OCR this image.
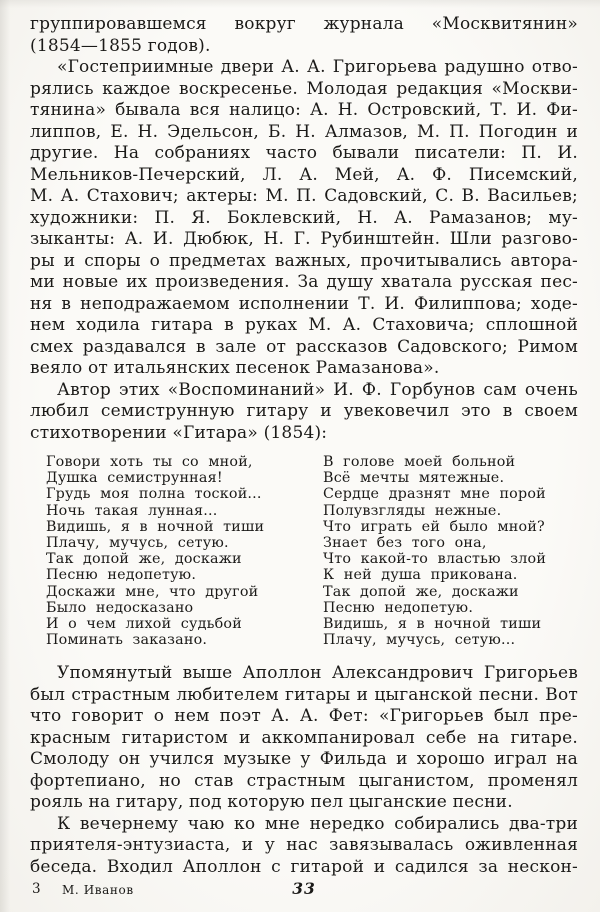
группировавшемся вокруг журнала «Москвитянин»
(1854—1855 годов).
«Гостеприимные двери А. А. Григорьева радушно отво-
рялись каждое воскресенье. Молодая редакция «Москви-
тянина» бывала вся налицо: А. Н. Островский, Т. И. Фи-
липпов, Е. Н. Эдельсон, Б. Н. Алмазов, М. П. Погодин и
другие. На собраниях часто бывали писатели: П. И.
Мельников-Печерский, Л. А. Мей, А. Ф. Писемский,
М. А. Стахович; актеры: М. П. Садовский, С. В. Васильев;
художники: П. Я. Боклевский, Н. А. Рамазанов; му-
зыканты: А. И. Дюбюк, Н. Г. Рубинштейн. Шли разгово-
ры и споры о предметах важных, прочитывались автора-
ми новые их произведения. За душу хватала русская пес-
ня в неподражаемом исполнении Т. И. Филиппова; ходе-
нем ходила гитара в руках М. А. Стаховича; сплошной
смех раздавался в зале от рассказов Садовского; Римом
веяло от итальянских песенок Рамазанова».
Автор этих «Воспоминаний» И. Ф. Горбунов сам очень
любил семиструнную гитару и увековечил это в своем
стихотворении «Гитара» (1854):
Говори хоть ты со мной,
Душка семиструнная!
Грудь моя полна тоской...
Ночь такая лунная...
Видишь, я в ночной тиши
Плачу, мучусь, сетую.
Так допой же, доскажи
Песню недопетую.
Доскажи мне, что другой
Было недосказано
И о чем лихой судьбой
Поминать заказано.
В голове моей больной
Всё мечты мятежные.
Сердце дразнят мне порой
Полувзгляды нежные.
Что играть ей было мной?
Знает без того она,
Что какой-то властью злой
К ней душа прикована.
Так допой же, доскажи
Песню недопетую.
Видишь, я в ночной тиши
Плачу, мучусь, сетую...
Упомянутый выше Аполлон Александрович Григорьев
был страстным любителем гитары и цыганской песни. Вот
что говорит о нем поэт А. А. Фет: «Григорьев был пре-
красным гитаристом и аккомпанировал себе на гитаре.
Смолоду он учился музыке у Фильда и хорошо играл на
фортепиано, но став страстным цыганистом, променял
рояль на гитару, под которую пел цыганские песни.
К вечернему чаю ко мне нередко собирались два-три
приятеля-энтузиаста, и у нас завязывалась оживленная
беседа. Входил Аполлон с гитарой и садился за нескон-
3 М. Иванов	33
